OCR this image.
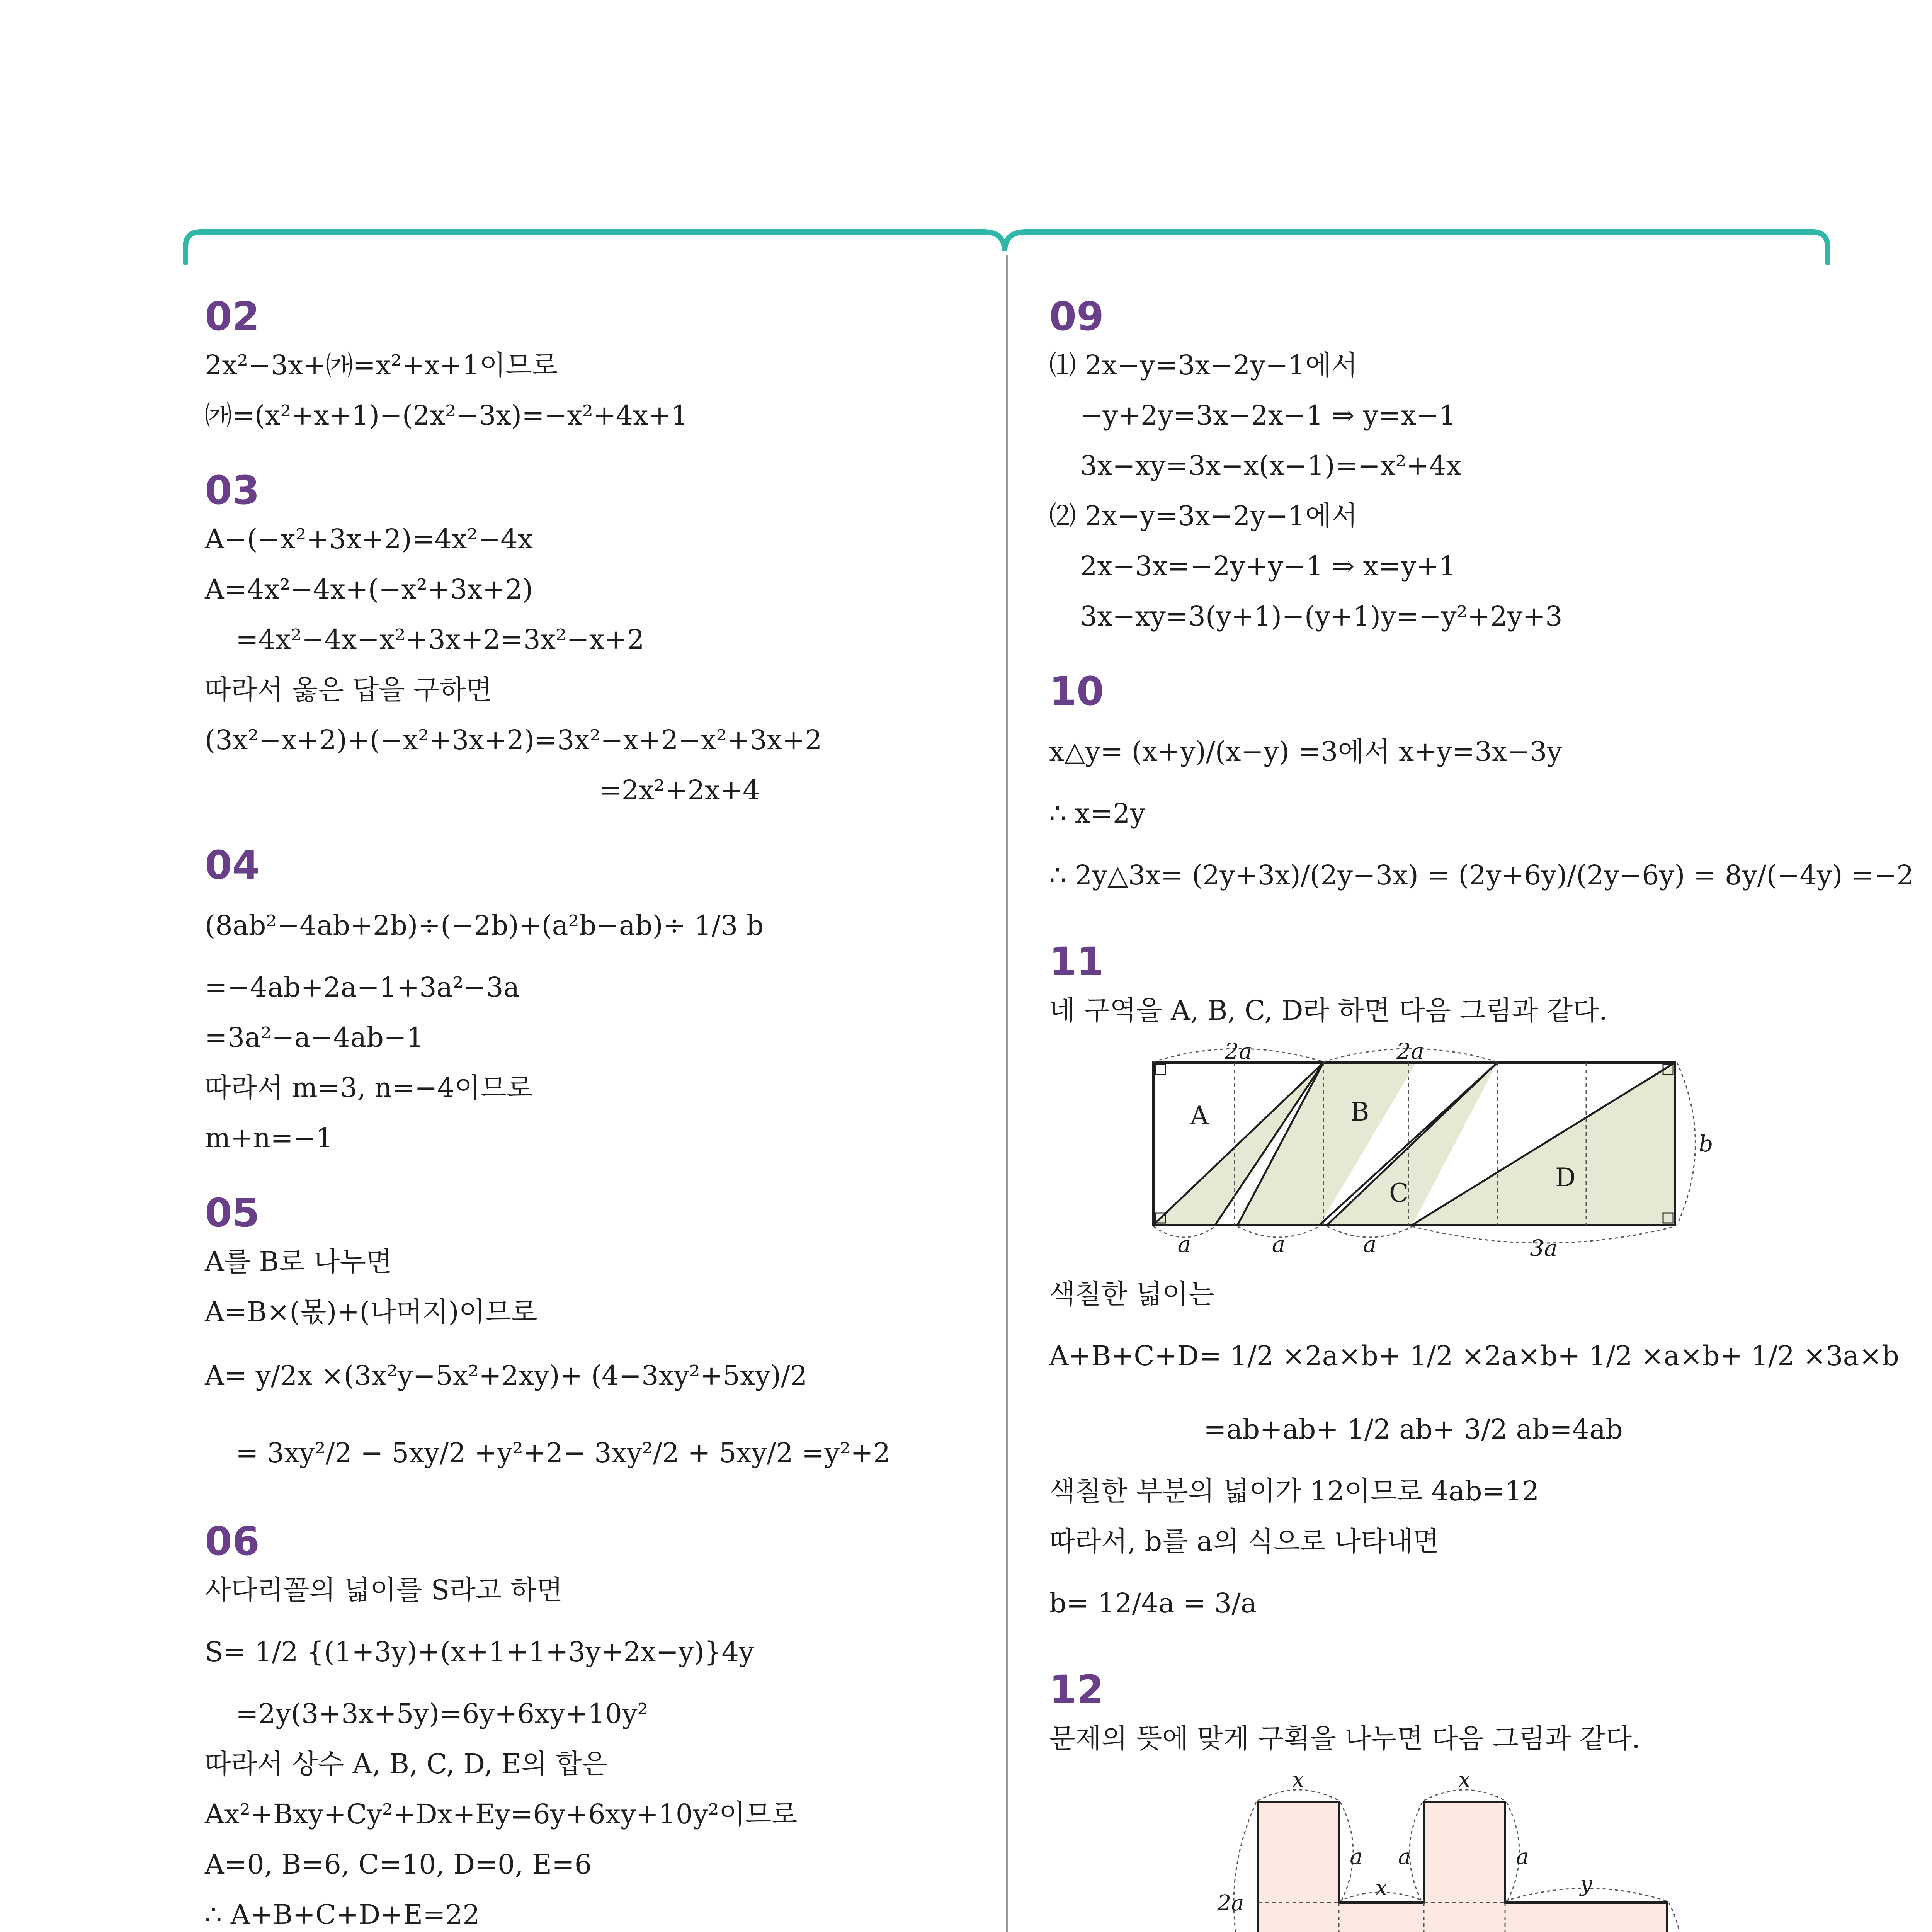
02
2x²−3x+㈎=x²+x+1이므로
㈎=(x²+x+1)−(2x²−3x)=−x²+4x+1
03
A−(−x²+3x+2)=4x²−4x
A=4x²−4x+(−x²+3x+2)
=4x²−4x−x²+3x+2=3x²−x+2
따라서 옳은 답을 구하면
(3x²−x+2)+(−x²+3x+2)=3x²−x+2−x²+3x+2
=2x²+2x+4
04
(8ab²−4ab+2b)÷(−2b)+(a²b−ab)÷ 1/3 b
=−4ab+2a−1+3a²−3a
=3a²−a−4ab−1
따라서 m=3, n=−4이므로
m+n=−1
05
A를 B로 나누면
A=B×(몫)+(나머지)이므로
A= y/2x ×(3x²y−5x²+2xy)+ (4−3xy²+5xy)/2
= 3xy²/2 − 5xy/2 +y²+2− 3xy²/2 + 5xy/2 =y²+2
06
사다리꼴의 넓이를 S라고 하면
S= 1/2 {(1+3y)+(x+1+1+3y+2x−y)}4y
=2y(3+3x+5y)=6y+6xy+10y²
따라서 상수 A, B, C, D, E의 합은
Ax²+Bxy+Cy²+Dx+Ey=6y+6xy+10y²이므로
A=0, B=6, C=10, D=0, E=6
∴ A+B+C+D+E=22
09
⑴ 2x−y=3x−2y−1에서
−y+2y=3x−2x−1 ⇒ y=x−1
3x−xy=3x−x(x−1)=−x²+4x
⑵ 2x−y=3x−2y−1에서
2x−3x=−2y+y−1 ⇒ x=y+1
3x−xy=3(y+1)−(y+1)y=−y²+2y+3
10
x△y= (x+y)/(x−y) =3에서 x+y=3x−3y
∴ x=2y
∴ 2y△3x= (2y+3x)/(2y−3x) = (2y+6y)/(2y−6y) = 8y/(−4y) =−2
11
네 구역을 A, B, C, D라 하면 다음 그림과 같다.
A	B
C
D
2a	2a
a	a	a	3a
b
색칠한 넓이는
A+B+C+D= 1/2 ×2a×b+ 1/2 ×2a×b+ 1/2 ×a×b+ 1/2 ×3a×b
=ab+ab+ 1/2 ab+ 3/2 ab=4ab
색칠한 부분의 넓이가 12이므로 4ab=12
따라서, b를 a의 식으로 나타내면
b= 12/4a = 3/a
12
문제의 뜻에 맞게 구획을 나누면 다음 그림과 같다.
x	x
a a	a
x	y
2a
